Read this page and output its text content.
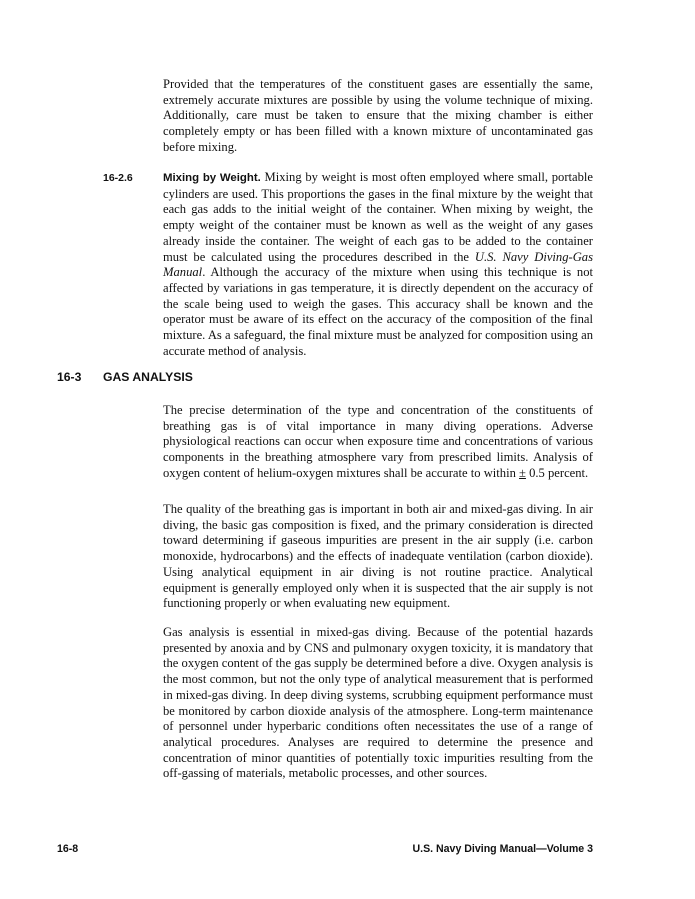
Provided that the temperatures of the constituent gases are essentially the same, extremely accurate mixtures are possible by using the volume technique of mixing. Additionally, care must be taken to ensure that the mixing chamber is either completely empty or has been filled with a known mixture of uncontaminated gas before mixing.

16-2.6	Mixing by Weight. Mixing by weight is most often employed where small, portable cylinders are used. This proportions the gases in the final mixture by the weight that each gas adds to the initial weight of the container. When mixing by weight, the empty weight of the container must be known as well as the weight of any gases already inside the container. The weight of each gas to be added to the container must be calculated using the procedures described in the U.S. Navy Diving-Gas Manual. Although the accuracy of the mixture when using this technique is not affected by variations in gas temperature, it is directly dependent on the accuracy of the scale being used to weigh the gases. This accuracy shall be known and the operator must be aware of its effect on the accuracy of the composition of the final mixture. As a safeguard, the final mixture must be analyzed for composition using an accurate method of analysis.

16-3 GAS ANALYSIS

The precise determination of the type and concentration of the constituents of breathing gas is of vital importance in many diving operations. Adverse physiological reactions can occur when exposure time and concentrations of various components in the breathing atmosphere vary from prescribed limits. Analysis of oxygen content of helium-oxygen mixtures shall be accurate to within ± 0.5 percent.

The quality of the breathing gas is important in both air and mixed-gas diving. In air diving, the basic gas composition is fixed, and the primary consideration is directed toward determining if gaseous impurities are present in the air supply (i.e. carbon monoxide, hydrocarbons) and the effects of inadequate ventilation (carbon dioxide). Using analytical equipment in air diving is not routine practice. Analytical equipment is generally employed only when it is suspected that the air supply is not functioning properly or when evaluating new equipment.

Gas analysis is essential in mixed-gas diving. Because of the potential hazards presented by anoxia and by CNS and pulmonary oxygen toxicity, it is mandatory that the oxygen content of the gas supply be determined before a dive. Oxygen analysis is the most common, but not the only type of analytical measurement that is performed in mixed-gas diving. In deep diving systems, scrubbing equipment performance must be monitored by carbon dioxide analysis of the atmosphere. Long-term maintenance of personnel under hyperbaric conditions often necessitates the use of a range of analytical procedures. Analyses are required to determine the presence and concentration of minor quantities of potentially toxic impurities resulting from the off-gassing of materials, metabolic processes, and other sources.

16-8	U.S. Navy Diving Manual—Volume 3
